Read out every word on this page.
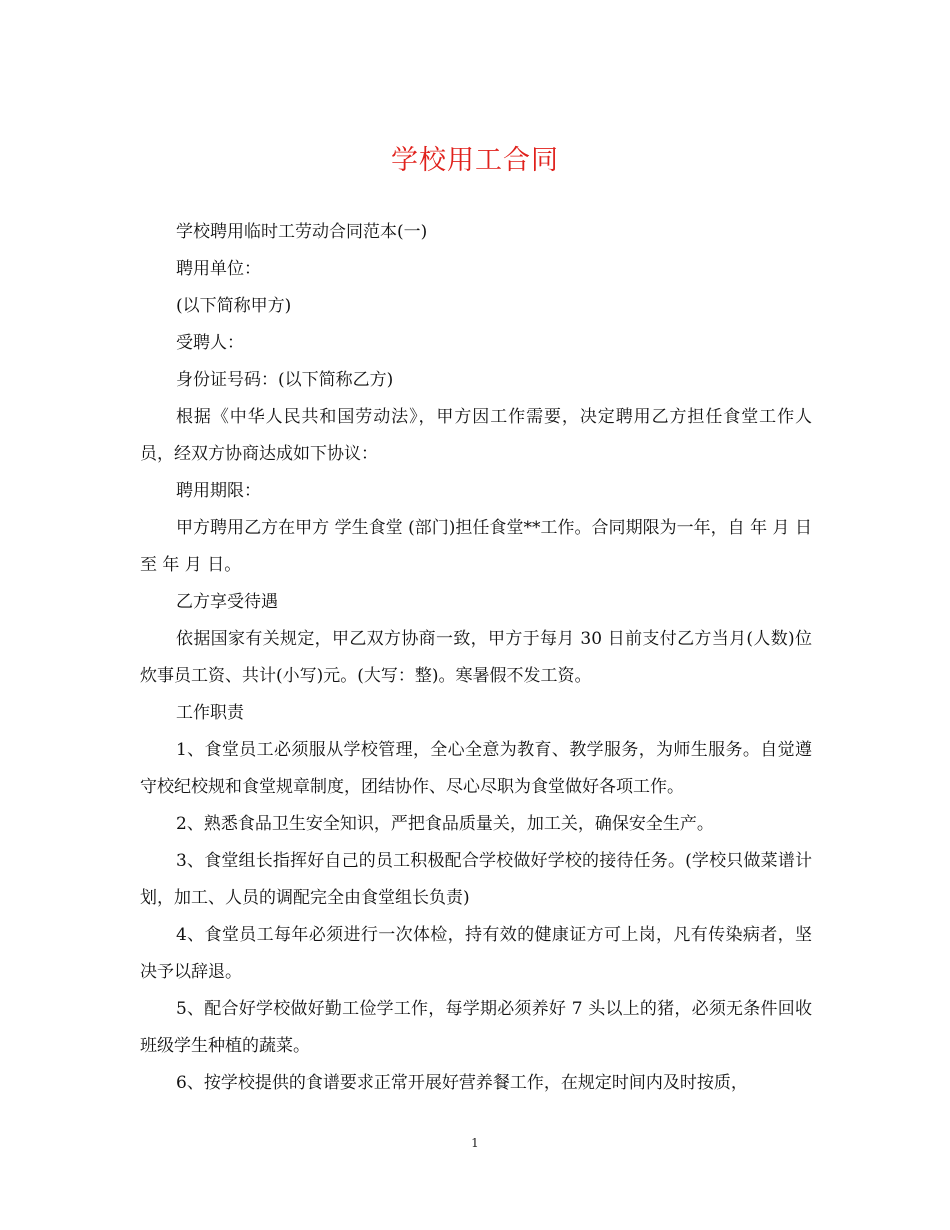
学校用工合同

学校聘用临时工劳动合同范本(一)

聘用单位：

(以下简称甲方)

受聘人：

身份证号码：(以下简称乙方)

根据《中华人民共和国劳动法》，甲方因工作需要，决定聘用乙方担任食堂工作人员，经双方协商达成如下协议：

聘用期限：

甲方聘用乙方在甲方 学生食堂 (部门)担任食堂**工作。合同期限为一年，自 年 月 日至 年 月 日。

乙方享受待遇

依据国家有关规定，甲乙双方协商一致，甲方于每月 30 日前支付乙方当月(人数)位炊事员工资、共计(小写)元。(大写：整)。寒暑假不发工资。

工作职责

1、食堂员工必须服从学校管理，全心全意为教育、教学服务，为师生服务。自觉遵守校纪校规和食堂规章制度，团结协作、尽心尽职为食堂做好各项工作。

2、熟悉食品卫生安全知识，严把食品质量关，加工关，确保安全生产。

3、食堂组长指挥好自己的员工积极配合学校做好学校的接待任务。(学校只做菜谱计划，加工、人员的调配完全由食堂组长负责)

4、食堂员工每年必须进行一次体检，持有效的健康证方可上岗，凡有传染病者，坚决予以辞退。

5、配合好学校做好勤工俭学工作，每学期必须养好 7 头以上的猪，必须无条件回收班级学生种植的蔬菜。

6、按学校提供的食谱要求正常开展好营养餐工作，在规定时间内及时按质，

1
